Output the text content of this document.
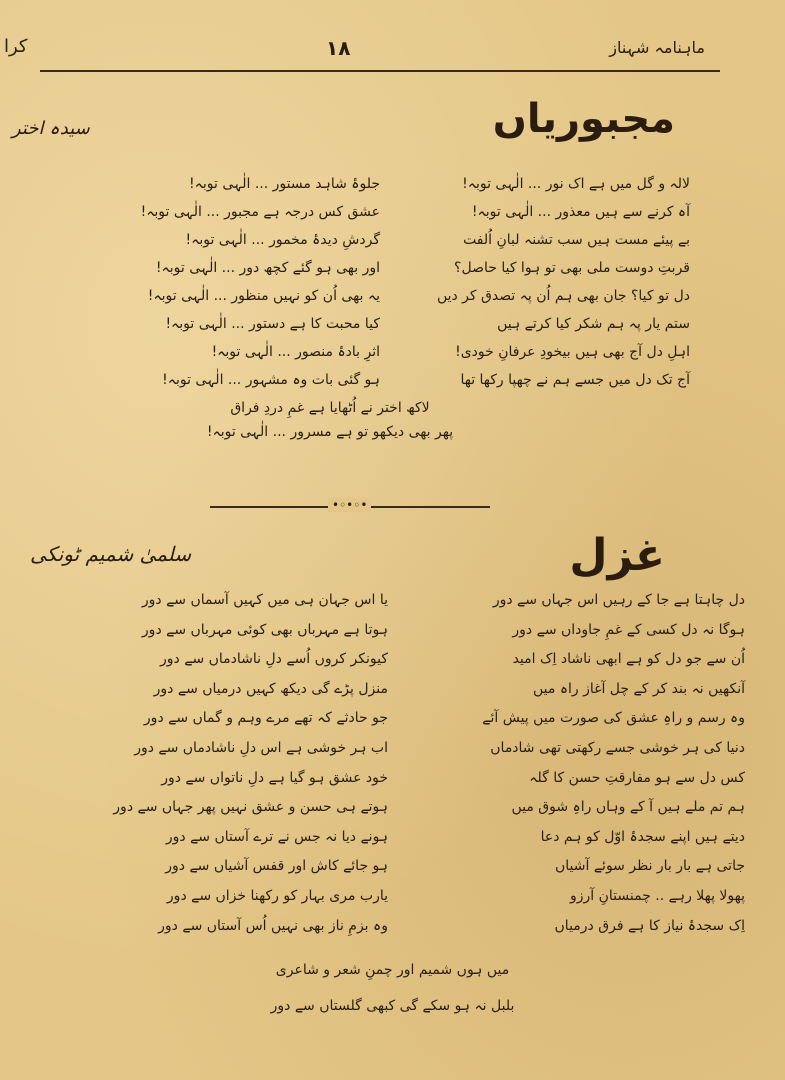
کرا	۱۸	ماہنامہ شہناز
مجبوریاں
سیدہ اختر
لالہ و گل میں ہے اک نور ... الٰہی توبہ!
جلوۂ شاہد مستور ... الٰہی توبہ!
آہ کرنے سے ہیں معذور ... الٰہی توبہ!
عشق کس درجہ ہے مجبور ... الٰہی توبہ!
بے پیئے مست ہیں سب تشنہ لبانِ اُلفت
گردشِ دیدۂ مخمور ... الٰہی توبہ!
قربتِ دوست ملی بھی تو ہوا کیا حاصل؟
اور بھی ہو گئے کچھ دور ... الٰہی توبہ!
دل تو کیا؟ جان بھی ہم اُن پہ تصدق کر دیں
یہ بھی اُن کو نہیں منظور ... الٰہی توبہ!
ستم یار پہ ہم شکر کیا کرتے ہیں
کیا محبت کا ہے دستور ... الٰہی توبہ!
اہلِ دل آج بھی ہیں بیخودِ عرفانِ خودی!
اثرِ بادۂ منصور ... الٰہی توبہ!
آج تک دل میں جسے ہم نے چھپا رکھا تھا
ہو گئی بات وہ مشہور ... الٰہی توبہ!
لاکھ اختر نے اُٹھایا ہے غمِ دردِ فراق
پھر بھی دیکھو تو ہے مسرور ... الٰہی توبہ!
•◦•◦•
غزل
سلمیٰ شمیم ٹونکی
دل چاہتا ہے جا کے رہیں اس جہاں سے دور
ہوگا نہ دل کسی کے غمِ جاوداں سے دور
اُن سے جو دل کو ہے ابھی ناشاد اِک امید
آنکھیں نہ بند کر کے چل آغاز راہ میں
وہ رسم و راہِ عشق کی صورت میں پیش آئے
دنیا کی ہر خوشی جسے رکھتی تھی شادماں
کس دل سے ہو مفارقتِ حسن کا گلہ
ہم تم ملے ہیں آ کے وہاں راہِ شوق میں
دیتے ہیں اپنے سجدۂ اوّل کو ہم دعا
جاتی ہے بار بار نظر سوئے آشیاں
پھولا پھلا رہے .. چمنستانِ آرزو
اِک سجدۂ نیاز کا ہے فرق درمیاں
یا اس جہان ہی میں کہیں آسماں سے دور
ہوتا ہے مہرباں بھی کوئی مہرباں سے دور
کیونکر کروں اُسے دلِ ناشادماں سے دور
منزل پڑے گی دیکھ کہیں درمیاں سے دور
جو حادثے کہ تھے مرے وہم و گماں سے دور
اب ہر خوشی ہے اس دلِ ناشادماں سے دور
خود عشق ہو گیا ہے دلِ ناتواں سے دور
ہوتے ہی حسن و عشق نہیں پھر جہاں سے دور
ہونے دیا نہ جس نے ترے آستاں سے دور
ہو جائے کاش اور قفس آشیاں سے دور
یارب مری بہار کو رکھنا خزاں سے دور
وہ بزمِ ناز بھی نہیں اُس آستاں سے دور
میں ہوں شمیم اور چمنِ شعر و شاعری
بلبل نہ ہو سکے گی کبھی گلستاں سے دور
